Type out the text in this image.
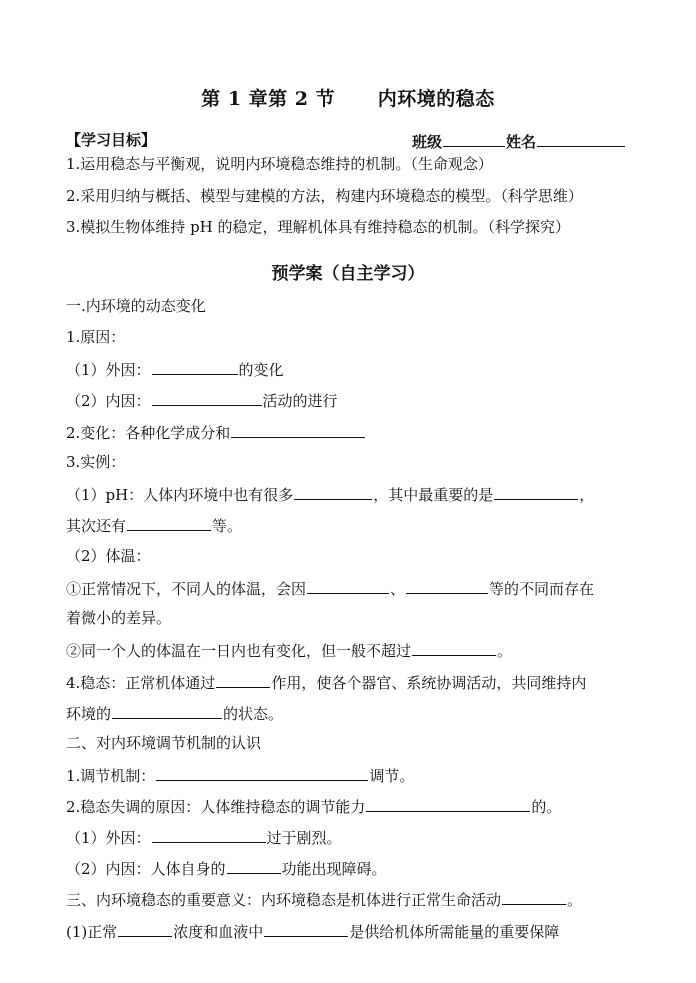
第 1 章第 2 节      内环境的稳态
【学习目标】	班级	姓名
1.运用稳态与平衡观，说明内环境稳态维持的机制。（生命观念）
2.采用归纳与概括、模型与建模的方法，构建内环境稳态的模型。（科学思维）
3.模拟生物体维持 pH 的稳定，理解机体具有维持稳态的机制。（科学探究）
预学案（自主学习）
一.内环境的动态变化
1.原因：
（1）外因：	的变化
（2）内因：	活动的进行
2.变化：各种化学成分和
3.实例：
（1）pH：人体内环境中也有很多	，其中最重要的是	，
其次还有	等。
（2）体温：
①正常情况下，不同人的体温，会因	、	等的不同而存在
着微小的差异。
②同一个人的体温在一日内也有变化，但一般不超过	。
4.稳态：正常机体通过	作用，使各个器官、系统协调活动，共同维持内
环境的	的状态。
二、对内环境调节机制的认识
1.调节机制：	调节。
2.稳态失调的原因：人体维持稳态的调节能力	的。
（1）外因：	过于剧烈。
（2）内因：人体自身的	功能出现障碍。
三、内环境稳态的重要意义：内环境稳态是机体进行正常生命活动	。
(1)正常	浓度和血液中	是供给机体所需能量的重要保障
